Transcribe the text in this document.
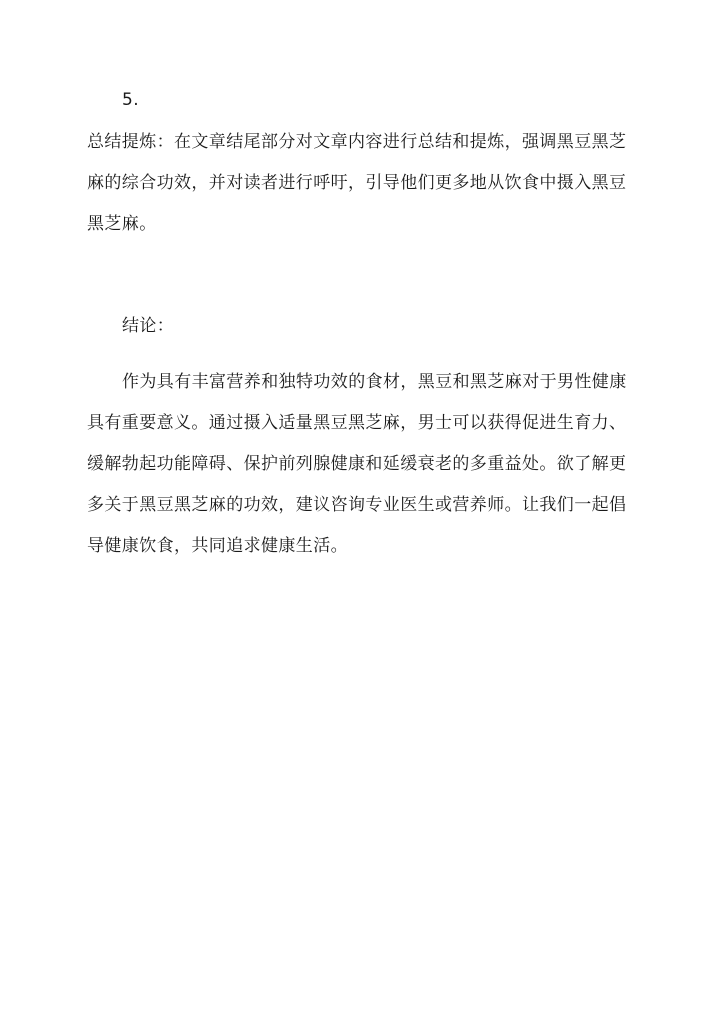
5.

总结提炼：在文章结尾部分对文章内容进行总结和提炼，强调黑豆黑芝麻的综合功效，并对读者进行呼吁，引导他们更多地从饮食中摄入黑豆黑芝麻。

结论：

作为具有丰富营养和独特功效的食材，黑豆和黑芝麻对于男性健康具有重要意义。通过摄入适量黑豆黑芝麻，男士可以获得促进生育力、缓解勃起功能障碍、保护前列腺健康和延缓衰老的多重益处。欲了解更多关于黑豆黑芝麻的功效，建议咨询专业医生或营养师。让我们一起倡导健康饮食，共同追求健康生活。
